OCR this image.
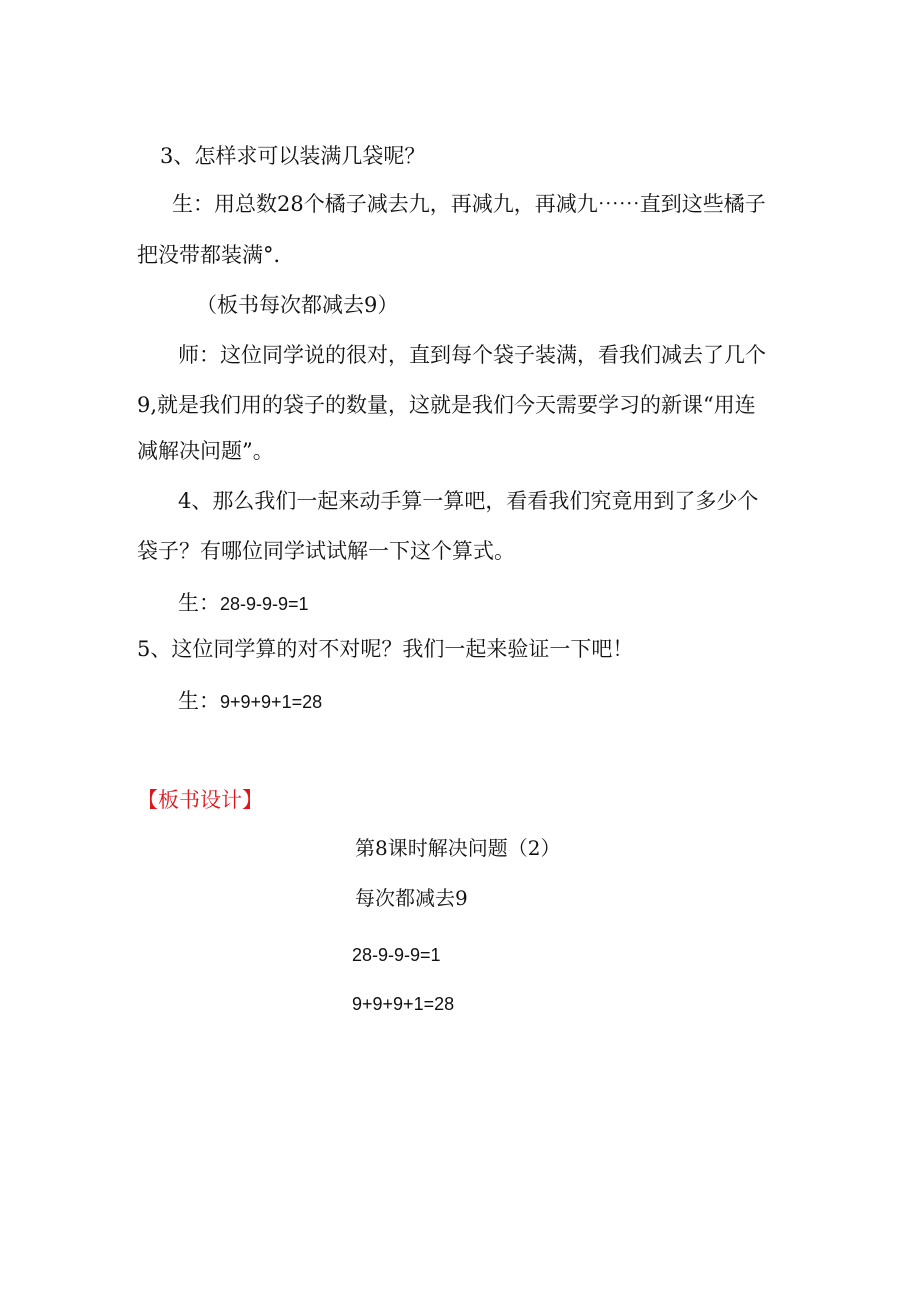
3、怎样求可以装满几袋呢？
生：用总数28个橘子减去九，再减九，再减九⋯⋯直到这些橘子
把没带都装满°．
（板书每次都减去9）
师：这位同学说的很对，直到每个袋子装满，看我们减去了几个
9,就是我们用的袋子的数量，这就是我们今天需要学习的新课“用连
减解决问题”。
4、那么我们一起来动手算一算吧，看看我们究竟用到了多少个
袋子？有哪位同学试试解一下这个算式。
生：28-9-9-9=1
5、这位同学算的对不对呢？我们一起来验证一下吧！
生：9+9+9+1=28
【板书设计】
第8课时解决问题（2）
每次都减去9
28-9-9-9=1
9+9+9+1=28
